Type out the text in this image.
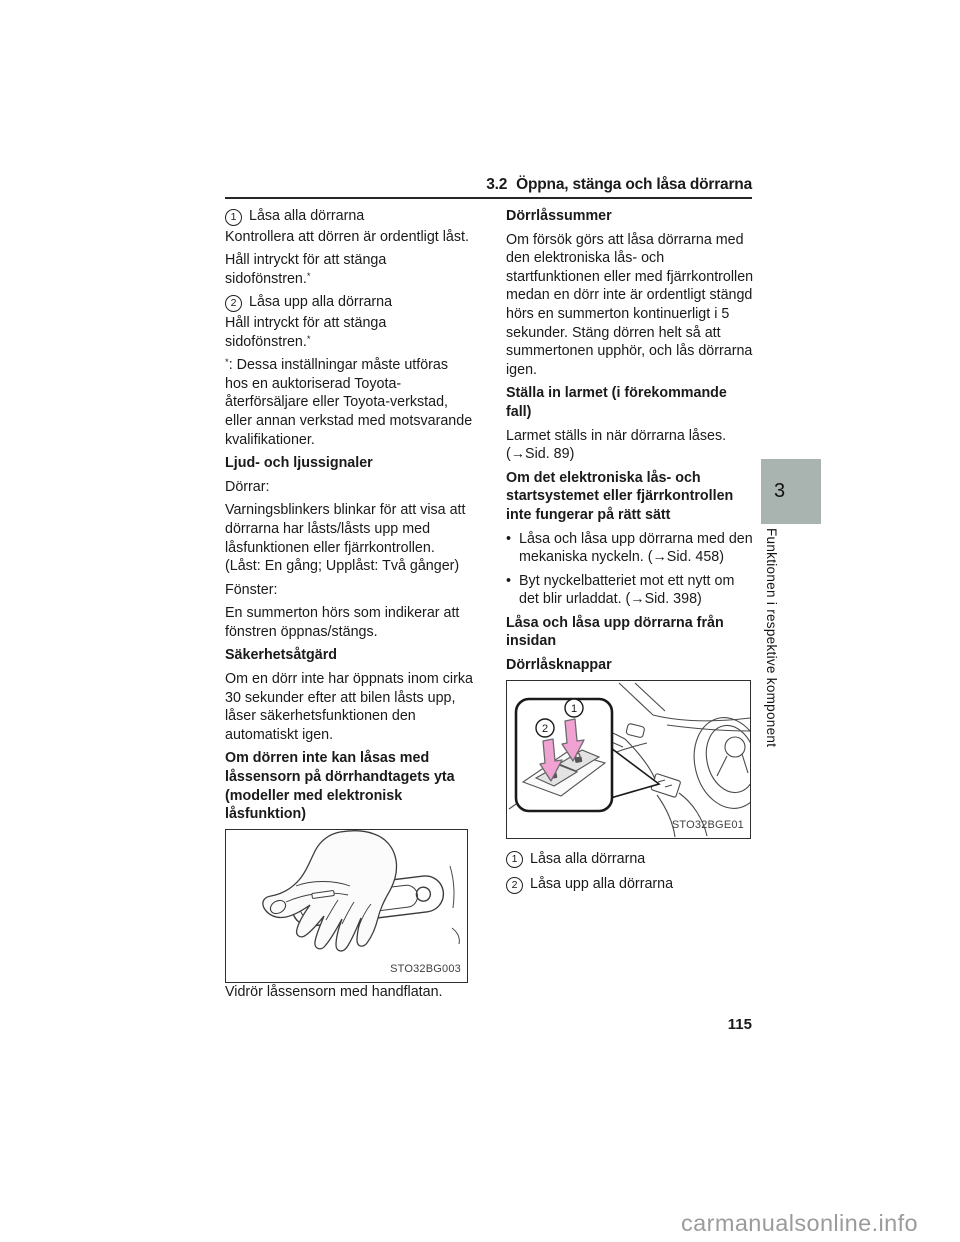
3.2 Öppna, stänga och låsa dörrarna
1 Låsa alla dörrarna

Kontrollera att dörren är ordentligt låst.

Håll intryckt för att stänga sidofönstren.*

2 Låsa upp alla dörrarna

Håll intryckt för att stänga sidofönstren.*

*: Dessa inställningar måste utföras hos en auktoriserad Toyota-återförsäljare eller Toyota-verkstad, eller annan verkstad med motsvarande kvalifikationer.

Ljud- och ljussignaler

Dörrar:

Varningsblinkers blinkar för att visa att dörrarna har låsts/låsts upp med låsfunktionen eller fjärrkontrollen. (Låst: En gång; Upplåst: Två gånger)

Fönster:

En summerton hörs som indikerar att fönstren öppnas/stängs.

Säkerhetsåtgärd

Om en dörr inte har öppnats inom cirka 30 sekunder efter att bilen låsts upp, låser säkerhetsfunktionen den automatiskt igen.

Om dörren inte kan låsas med låssensorn på dörrhandtagets yta (modeller med elektronisk låsfunktion)

STO32BG003

Vidrör låssensorn med handflatan.

Dörrlåssummer

Om försök görs att låsa dörrarna med den elektroniska lås- och startfunktionen eller med fjärrkontrollen medan en dörr inte är ordentligt stängd hörs en summerton kontinuerligt i 5 sekunder. Stäng dörren helt så att summertonen upphör, och lås dörrarna igen.

Ställa in larmet (i förekommande fall)

Larmet ställs in när dörrarna låses. (→Sid. 89)

Om det elektroniska lås- och startsystemet eller fjärrkontrollen inte fungerar på rätt sätt

• Låsa och låsa upp dörrarna med den mekaniska nyckeln. (→Sid. 458)
• Byt nyckelbatteriet mot ett nytt om det blir urladdat. (→Sid. 398)

Låsa och låsa upp dörrarna från insidan

Dörrlåsknappar

1
2
STO32BGE01
1 Låsa alla dörrarna
2 Låsa upp alla dörrarna
3
Funktionen i respektive komponent
115
carmanualsonline.info
